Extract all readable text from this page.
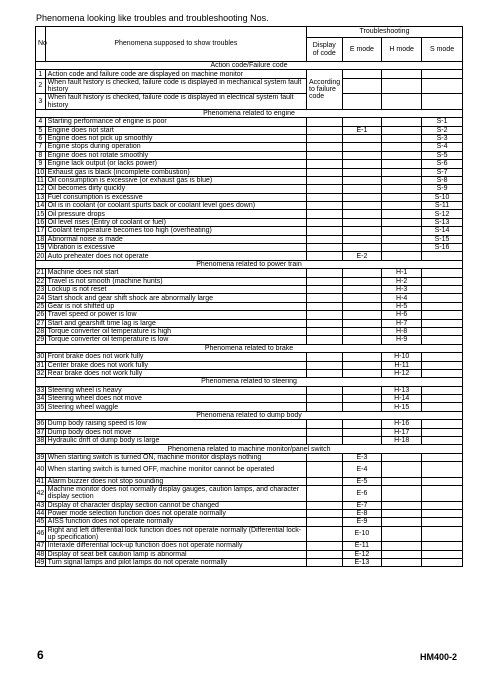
Phenomena looking like troubles and troubleshooting Nos.
No	Phenomena supposed to show troubles	Troubleshooting			
		Display of code	E mode	H mode	S mode
Action code/Failure code					
1	Action code and failure code are displayed on machine monitor	According to failure code			
2	When fault history is checked, failure code is displayed in mechanical system fault history				
3	When fault history is checked, failure code is displayed in electrical system fault history				
Phenomena related to engine					
4	Starting performance of engine is poor				S-1
5	Engine does not start		E-1		S-2
6	Engine does not pick up smoothly				S-3
7	Engine stops during operation				S-4
8	Engine does not rotate smoothly				S-5
9	Engine lack output (or lacks power)				S-6
10	Exhaust gas is black (incomplete combustion)				S-7
11	Oil consumption is excessive (or exhaust gas is blue)				S-8
12	Oil becomes dirty quickly				S-9
13	Fuel consumption is excessive				S-10
14	Oil is in coolant (or coolant spurts back or coolant level goes down)				S-11
15	Oil pressure drops				S-12
16	Oil level rises (Entry of coolant or fuel)				S-13
17	Coolant temperature becomes too high (overheating)				S-14
18	Abnormal noise is made				S-15
19	Vibration is excessive				S-16
20	Auto preheater does not operate		E-2		
Phenomena related to power train					
21	Machine does not start			H-1	
22	Travel is not smooth (machine hunts)			H-2	
23	Lockup is not reset			H-3	
24	Start shock and gear shift shock are abnormally large			H-4	
25	Gear is not shifted up			H-5	
26	Travel speed or power is low			H-6	
27	Start and gearshift time lag is large			H-7	
28	Torque converter oil temperature is high			H-8	
29	Torque converter oil temperature is low			H-9	
Phenomena related to brake					
30	Front brake does not work fully			H-10	
31	Center brake does not work fully			H-11	
32	Rear brake does not work fully			H-12	
Phenomena related to steering					
33	Steering wheel is heavy			H-13	
34	Steering wheel does not move			H-14	
35	Steering wheel waggle			H-15	
Phenomena related to dump body					
36	Dump body raising speed is low			H-16	
37	Dump body does not move			H-17	
38	Hydraulic drift of dump body is large			H-18	
Phenomena related to machine monitor/panel switch					
39	When starting switch is turned ON, machine monitor displays nothing		E-3		
40	When starting switch is turned OFF, machine monitor cannot be operated		E-4		
41	Alarm buzzer does not stop sounding		E-5		
42	Machine monitor does not normally display gauges, caution lamps, and character display section		E-6		
43	Display of character display section cannot be changed		E-7		
44	Power mode selection function does not operate normally		E-8		
45	AISS function does not operate normally		E-9		
46	Right and left differential lock function does not operate normally (Differential lock-up specification)		E-10		
47	Interaxle differential lock-up function does not operate normally		E-11		
48	Display of seat belt caution lamp is abnormal		E-12		
49	Turn signal lamps and pilot lamps do not operate normally		E-13		
6	HM400-2
